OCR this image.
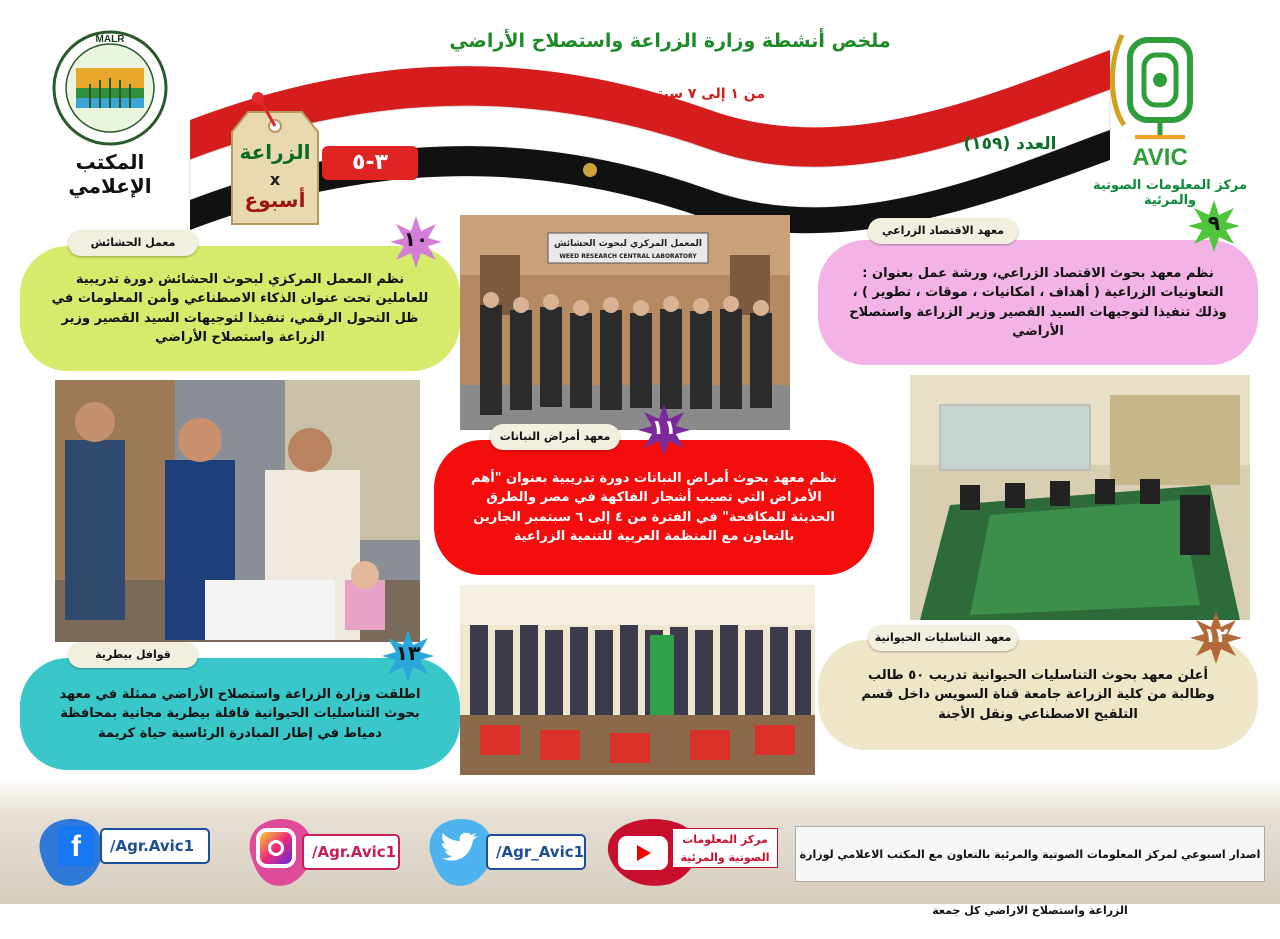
ملخص أنشطة وزارة الزراعة واستصلاح الأراضي
من ١ إلى ٧ سبتمبر ٢٠٢٣
العدد (١٥٩)
MALR
المكتب الإعلامي
AVIC
مركز المعلومات الصوتية والمرئية
الزراعة
x
أسبوع
٣-٥
نظم معهد بحوث الاقتصاد الزراعي، ورشة عمل بعنوان : التعاونيات الزراعية ( أهداف ، امكانيات ، موقات ، تطوير ) ، وذلك تنفيذا لتوجيهات السيد القصير وزير الزراعة واستصلاح الأراضي
معهد الاقتصاد الزراعي	٩
نظم المعمل المركزي لبحوث الحشائش دورة تدريبية للعاملين تحت عنوان الذكاء الاصطناعي وأمن المعلومات في ظل التحول الرقمي، تنفيذا لتوجيهات السيد القصير وزير الزراعة واستصلاح الأراضي
معمل الحشائش	١٠	المعمل المركزي لبحوث الحشائش
WEED RESEARCH CENTRAL LABORATORY
نظم معهد بحوث أمراض النباتات دورة تدريبية بعنوان "أهم الأمراض التي تصيب أشجار الفاكهة في مصر والطرق الحديثة للمكافحة" في الفترة من ٤ إلى ٦ سبتمبر الجارين بالتعاون مع المنظمة العربية للتنمية الزراعية
معهد أمراض النباتات	١١
أعلن معهد بحوث التناسليات الحيوانية تدريب ٥٠ طالب وطالبة من كلية الزراعة جامعة قناة السويس داخل قسم التلقيح الاصطناعي ونقل الأجنة
معهد التناسليات الحيوانية	١٢
اطلقت وزارة الزراعة واستصلاح الأراضي ممثلة في معهد بحوث التناسليات الحيوانية قافلة بيطرية مجانية بمحافظة دمياط في إطار المبادرة الرئاسية حياة كريمة
قوافل بيطرية	١٣
f	/Agr.Avic1	/Agr.Avic1	/Agr_Avic1
مركز المعلومات الصوتية والمرئية	اصدار اسبوعي لمركز المعلومات الصوتية والمرئية بالتعاون مع المكتب الاعلامي لوزارة الزراعة واستصلاح الاراضي كل جمعة
